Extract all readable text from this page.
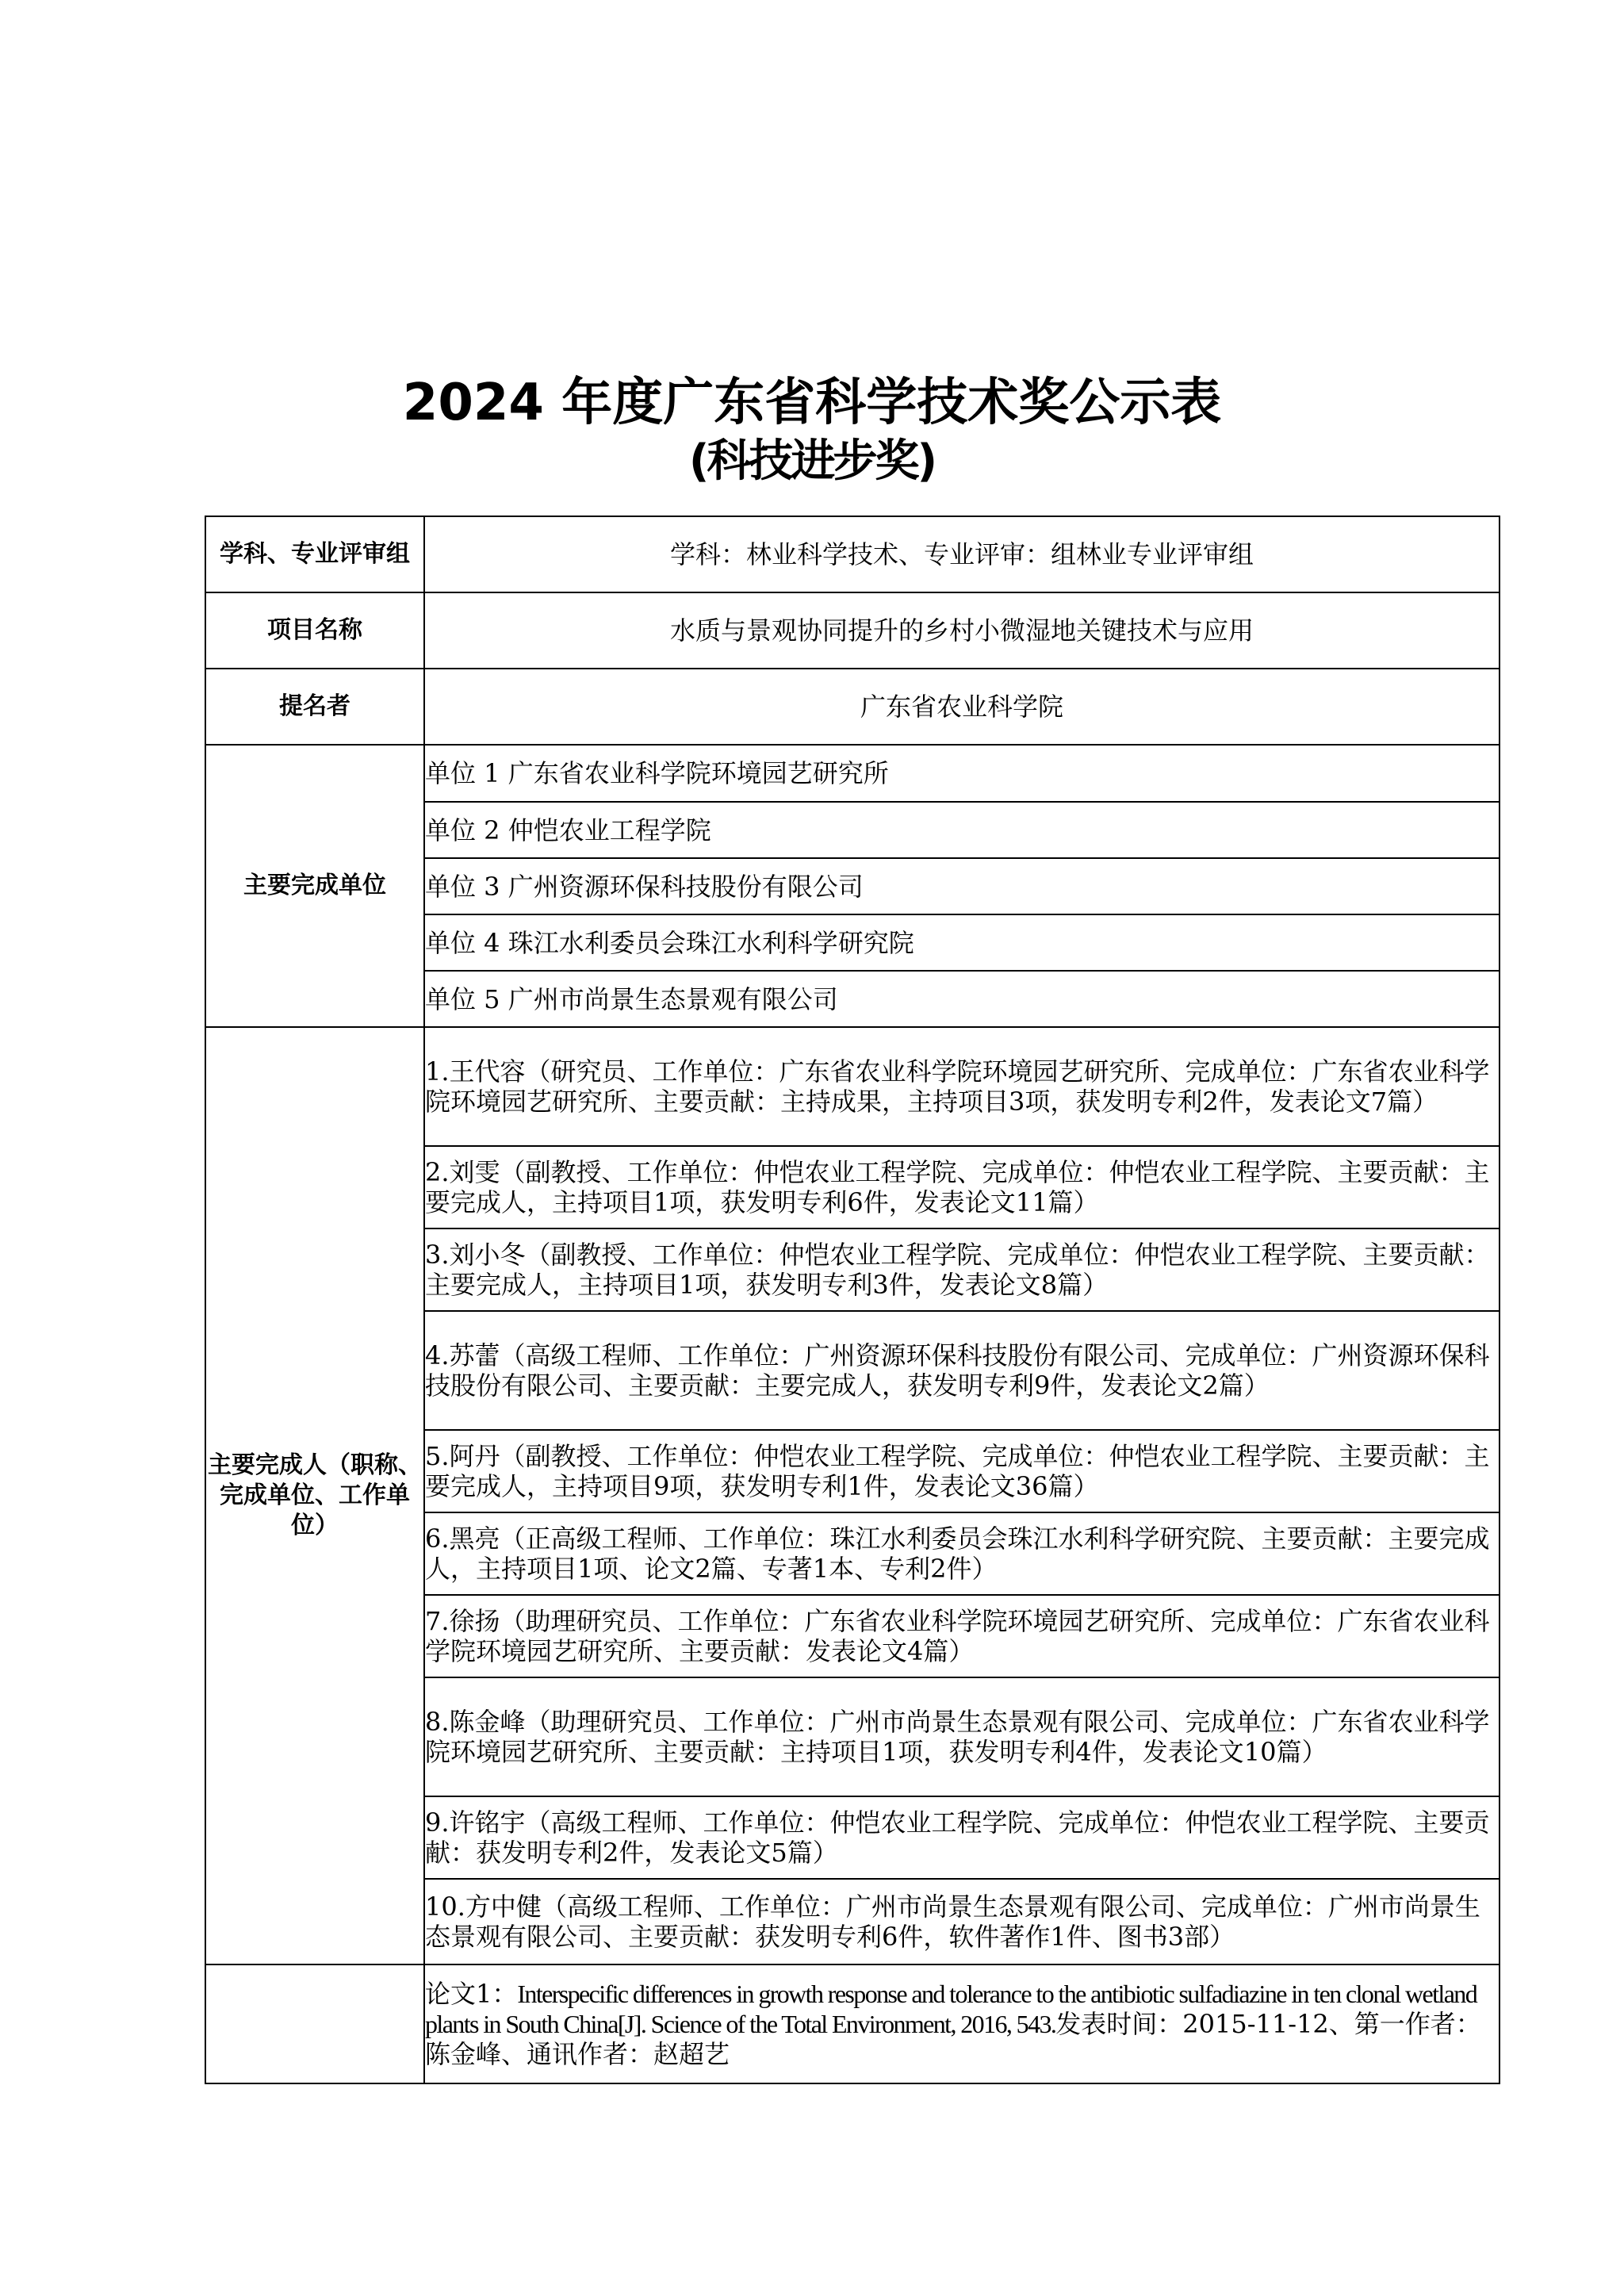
2024 年度广东省科学技术奖公示表
(科技进步奖)
学科、专业评审组	学科：林业科学技术、专业评审：组林业专业评审组
项目名称	水质与景观协同提升的乡村小微湿地关键技术与应用
提名者	广东省农业科学院
主要完成单位	单位 1 广东省农业科学院环境园艺研究所
	单位 2 仲恺农业工程学院
	单位 3 广州资源环保科技股份有限公司
	单位 4 珠江水利委员会珠江水利科学研究院
	单位 5 广州市尚景生态景观有限公司
主要完成人（职称、完成单位、工作单位）	1.王代容（研究员、工作单位：广东省农业科学院环境园艺研究所、完成单位：广东省农业科学院环境园艺研究所、主要贡献：主持成果，主持项目3项，获发明专利2件，发表论文7篇）
	2.刘雯（副教授、工作单位：仲恺农业工程学院、完成单位：仲恺农业工程学院、主要贡献：主要完成人，主持项目1项，获发明专利6件，发表论文11篇）
	3.刘小冬（副教授、工作单位：仲恺农业工程学院、完成单位：仲恺农业工程学院、主要贡献：主要完成人，主持项目1项，获发明专利3件，发表论文8篇）
	4.苏蕾（高级工程师、工作单位：广州资源环保科技股份有限公司、完成单位：广州资源环保科技股份有限公司、主要贡献：主要完成人，获发明专利9件，发表论文2篇）
	5.阿丹（副教授、工作单位：仲恺农业工程学院、完成单位：仲恺农业工程学院、主要贡献：主要完成人，主持项目9项，获发明专利1件，发表论文36篇）
	6.黑亮（正高级工程师、工作单位：珠江水利委员会珠江水利科学研究院、主要贡献：主要完成人，主持项目1项、论文2篇、专著1本、专利2件）
	7.徐扬（助理研究员、工作单位：广东省农业科学院环境园艺研究所、完成单位：广东省农业科学院环境园艺研究所、主要贡献：发表论文4篇）
	8.陈金峰（助理研究员、工作单位：广州市尚景生态景观有限公司、完成单位：广东省农业科学院环境园艺研究所、主要贡献：主持项目1项，获发明专利4件，发表论文10篇）
	9.许铭宇（高级工程师、工作单位：仲恺农业工程学院、完成单位：仲恺农业工程学院、主要贡献：获发明专利2件，发表论文5篇）
	10.方中健（高级工程师、工作单位：广州市尚景生态景观有限公司、完成单位：广州市尚景生态景观有限公司、主要贡献：获发明专利6件，软件著作1件、图书3部）
	论文1：Interspecific differences in growth response and tolerance to the antibiotic sulfadiazine in ten clonal wetland plants in South China[J]. Science of the Total Environment, 2016, 543.发表时间：2015-11-12、第一作者：陈金峰、通讯作者：赵超艺
